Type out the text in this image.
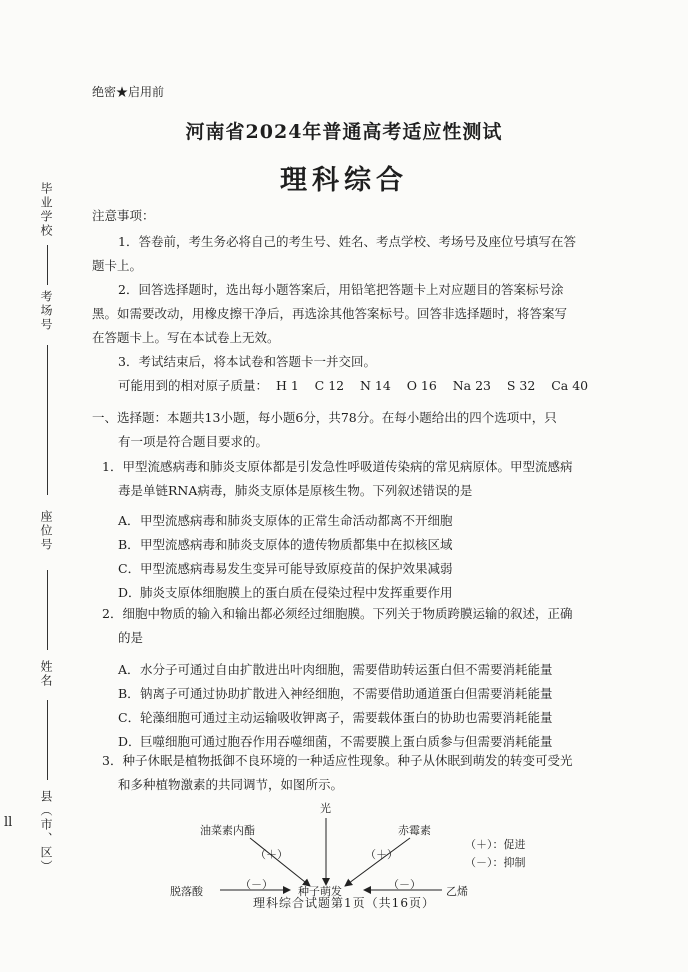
毕业学校
考场号
座位号
姓名
县（市、区）
ll
绝密★启用前
河南省2024年普通高考适应性测试
理科综合
注意事项：
1．答卷前，考生务必将自己的考生号、姓名、考点学校、考场号及座位号填写在答
题卡上。
2．回答选择题时，选出每小题答案后，用铅笔把答题卡上对应题目的答案标号涂
黑。如需要改动，用橡皮擦干净后，再选涂其他答案标号。回答非选择题时，将答案写
在答题卡上。写在本试卷上无效。
3．考试结束后，将本试卷和答题卡一并交回。
可能用到的相对原子质量：  H 1    C 12    N 14    O 16    Na 23    S 32    Ca 40
一、选择题：本题共13小题，每小题6分，共78分。在每小题给出的四个选项中，只
有一项是符合题目要求的。
1．甲型流感病毒和肺炎支原体都是引发急性呼吸道传染病的常见病原体。甲型流感病
毒是单链RNA病毒，肺炎支原体是原核生物。下列叙述错误的是
A．甲型流感病毒和肺炎支原体的正常生命活动都离不开细胞
B．甲型流感病毒和肺炎支原体的遗传物质都集中在拟核区域
C．甲型流感病毒易发生变异可能导致原疫苗的保护效果减弱
D．肺炎支原体细胞膜上的蛋白质在侵染过程中发挥重要作用
2．细胞中物质的输入和输出都必须经过细胞膜。下列关于物质跨膜运输的叙述，正确
的是
A．水分子可通过自由扩散进出叶肉细胞，需要借助转运蛋白但不需要消耗能量
B．钠离子可通过协助扩散进入神经细胞，不需要借助通道蛋白但需要消耗能量
C．轮藻细胞可通过主动运输吸收钾离子，需要载体蛋白的协助也需要消耗能量
D．巨噬细胞可通过胞吞作用吞噬细菌，不需要膜上蛋白质参与但需要消耗能量
光
油菜素内酯	赤霉素
脱落酸	种子萌发	乙烯
（＋）	（＋）
（－）	（－）
（＋）：促进
（－）：抑制
理科综合试题第1页（共16页）
3．种子休眠是植物抵御不良环境的一种适应性现象。种子从休眠到萌发的转变可受光
和多种植物激素的共同调节，如图所示。
